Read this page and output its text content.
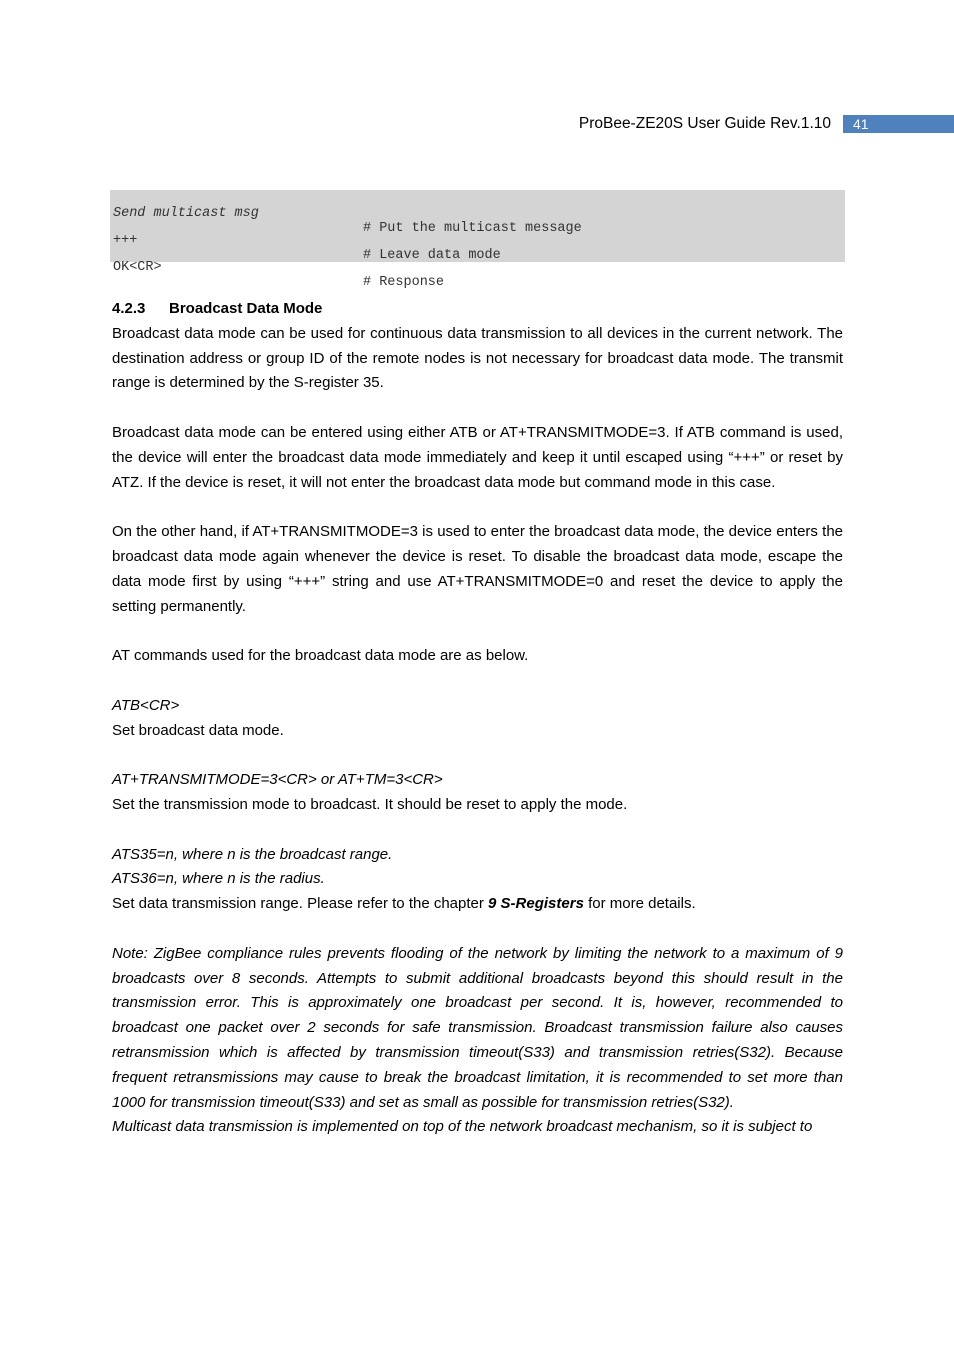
ProBee-ZE20S User Guide Rev.1.10	41

Send multicast msg

# Put the multicast message

+++

# Leave data mode

OK<CR>

# Response

4.2.3 Broadcast Data Mode

Broadcast data mode can be used for continuous data transmission to all devices in the current network. The destination address or group ID of the remote nodes is not necessary for broadcast data mode. The transmit range is determined by the S-register 35.

Broadcast data mode can be entered using either ATB or AT+TRANSMITMODE=3. If ATB command is used, the device will enter the broadcast data mode immediately and keep it until escaped using “+++” or reset by ATZ. If the device is reset, it will not enter the broadcast data mode but command mode in this case.

On the other hand, if AT+TRANSMITMODE=3 is used to enter the broadcast data mode, the device enters the broadcast data mode again whenever the device is reset. To disable the broadcast data mode, escape the data mode first by using “+++” string and use AT+TRANSMITMODE=0 and reset the device to apply the setting permanently.

AT commands used for the broadcast data mode are as below.

ATB<CR>

Set broadcast data mode.

AT+TRANSMITMODE=3<CR> or AT+TM=3<CR>

Set the transmission mode to broadcast. It should be reset to apply the mode.

ATS35=n, where n is the broadcast range.

ATS36=n, where n is the radius.

Set data transmission range. Please refer to the chapter 9 S-Registers for more details.

Note: ZigBee compliance rules prevents flooding of the network by limiting the network to a maximum of 9 broadcasts over 8 seconds. Attempts to submit additional broadcasts beyond this should result in the transmission error. This is approximately one broadcast per second. It is, however, recommended to broadcast one packet over 2 seconds for safe transmission. Broadcast transmission failure also causes retransmission which is affected by transmission timeout(S33) and transmission retries(S32). Because frequent retransmissions may cause to break the broadcast limitation, it is recommended to set more than 1000 for transmission timeout(S33) and set as small as possible for transmission retries(S32).

Multicast data transmission is implemented on top of the network broadcast mechanism, so it is subject to
